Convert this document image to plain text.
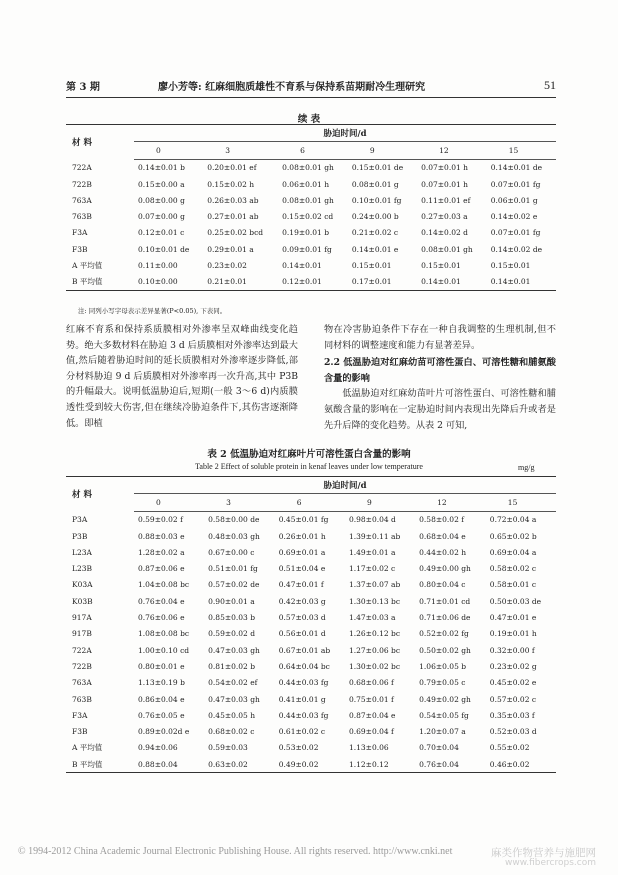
第 3 期	廖小芳等: 红麻细胞质雄性不育系与保持系苗期耐冷生理研究	51
续 表
材 料	胁迫时间/d					
	0	3	6	9	12	15
722A	0.14±0.01 b	0.20±0.01 ef	0.08±0.01 gh	0.15±0.01 de	0.07±0.01 h	0.14±0.01 de
722B	0.15±0.00 a	0.15±0.02 h	0.06±0.01 h	0.08±0.01 g	0.07±0.01 h	0.07±0.01 fg
763A	0.08±0.00 g	0.26±0.03 ab	0.08±0.01 gh	0.10±0.01 fg	0.11±0.01 ef	0.06±0.01 g
763B	0.07±0.00 g	0.27±0.01 ab	0.15±0.02 cd	0.24±0.00 b	0.27±0.03 a	0.14±0.02 e
F3A	0.12±0.01 c	0.25±0.02 bcd	0.19±0.01 b	0.21±0.02 c	0.14±0.02 d	0.07±0.01 fg
F3B	0.10±0.01 de	0.29±0.01 a	0.09±0.01 fg	0.14±0.01 e	0.08±0.01 gh	0.14±0.02 de
A 平均值	0.11±0.00	0.23±0.02	0.14±0.01	0.15±0.01	0.15±0.01	0.15±0.01
B 平均值	0.10±0.00	0.21±0.01	0.12±0.01	0.17±0.01	0.14±0.01	0.14±0.01
注: 同列小写字母表示差异显著(P<0.05), 下表同。

红麻不育系和保持系质膜相对外渗率呈双峰曲线变化趋势。绝大多数材料在胁迫 3 d 后质膜相对外渗率达到最大值,然后随着胁迫时间的延长质膜相对外渗率逐步降低,部分材料胁迫 9 d 后质膜相对外渗率再一次升高,其中 P3B 的升幅最大。说明低温胁迫后,短期(一般 3～6 d)内质膜透性受到较大伤害,但在继续冷胁迫条件下,其伤害逐渐降低。即植

物在冷害胁迫条件下存在一种自我调整的生理机制,但不同材料的调整速度和能力有显著差异。

2.2 低温胁迫对红麻幼苗可溶性蛋白、可溶性糖和脯氨酸含量的影响

低温胁迫对红麻幼苗叶片可溶性蛋白、可溶性糖和脯氨酸含量的影响在一定胁迫时间内表现出先降后升或者是先升后降的变化趋势。从表 2 可知,

表 2 低温胁迫对红麻叶片可溶性蛋白含量的影响
Table 2 Effect of soluble protein in kenaf leaves under low temperature	mg/g
材 料	胁迫时间/d					
	0	3	6	9	12	15
P3A	0.59±0.02 f	0.58±0.00 de	0.45±0.01 fg	0.98±0.04 d	0.58±0.02 f	0.72±0.04 a
P3B	0.88±0.03 e	0.48±0.03 gh	0.26±0.01 h	1.39±0.11 ab	0.68±0.04 e	0.65±0.02 b
L23A	1.28±0.02 a	0.67±0.00 c	0.69±0.01 a	1.49±0.01 a	0.44±0.02 h	0.69±0.04 a
L23B	0.87±0.06 e	0.51±0.01 fg	0.51±0.04 e	1.17±0.02 c	0.49±0.00 gh	0.58±0.02 c
K03A	1.04±0.08 bc	0.57±0.02 de	0.47±0.01 f	1.37±0.07 ab	0.80±0.04 c	0.58±0.01 c
K03B	0.76±0.04 e	0.90±0.01 a	0.42±0.03 g	1.30±0.13 bc	0.71±0.01 cd	0.50±0.03 de
917A	0.76±0.06 e	0.85±0.03 b	0.57±0.03 d	1.47±0.03 a	0.71±0.06 de	0.47±0.01 e
917B	1.08±0.08 bc	0.59±0.02 d	0.56±0.01 d	1.26±0.12 bc	0.52±0.02 fg	0.19±0.01 h
722A	1.00±0.10 cd	0.47±0.03 gh	0.67±0.01 ab	1.27±0.06 bc	0.50±0.02 gh	0.32±0.00 f
722B	0.80±0.01 e	0.81±0.02 b	0.64±0.04 bc	1.30±0.02 bc	1.06±0.05 b	0.23±0.02 g
763A	1.13±0.19 b	0.54±0.02 ef	0.44±0.03 fg	0.68±0.06 f	0.79±0.05 c	0.45±0.02 e
763B	0.86±0.04 e	0.47±0.03 gh	0.41±0.01 g	0.75±0.01 f	0.49±0.02 gh	0.57±0.02 c
F3A	0.76±0.05 e	0.45±0.05 h	0.44±0.03 fg	0.87±0.04 e	0.54±0.05 fg	0.35±0.03 f
F3B	0.89±0.02d e	0.68±0.02 c	0.61±0.02 c	0.69±0.04 f	1.20±0.07 a	0.52±0.03 d
A 平均值	0.94±0.06	0.59±0.03	0.53±0.02	1.13±0.06	0.70±0.04	0.55±0.02
B 平均值	0.88±0.04	0.63±0.02	0.49±0.02	1.12±0.12	0.76±0.04	0.46±0.02
© 1994-2012 China Academic Journal Electronic Publishing House. All rights reserved. http://www.cnki.net	麻类作物营养与施肥网
www.fibercrops.com
